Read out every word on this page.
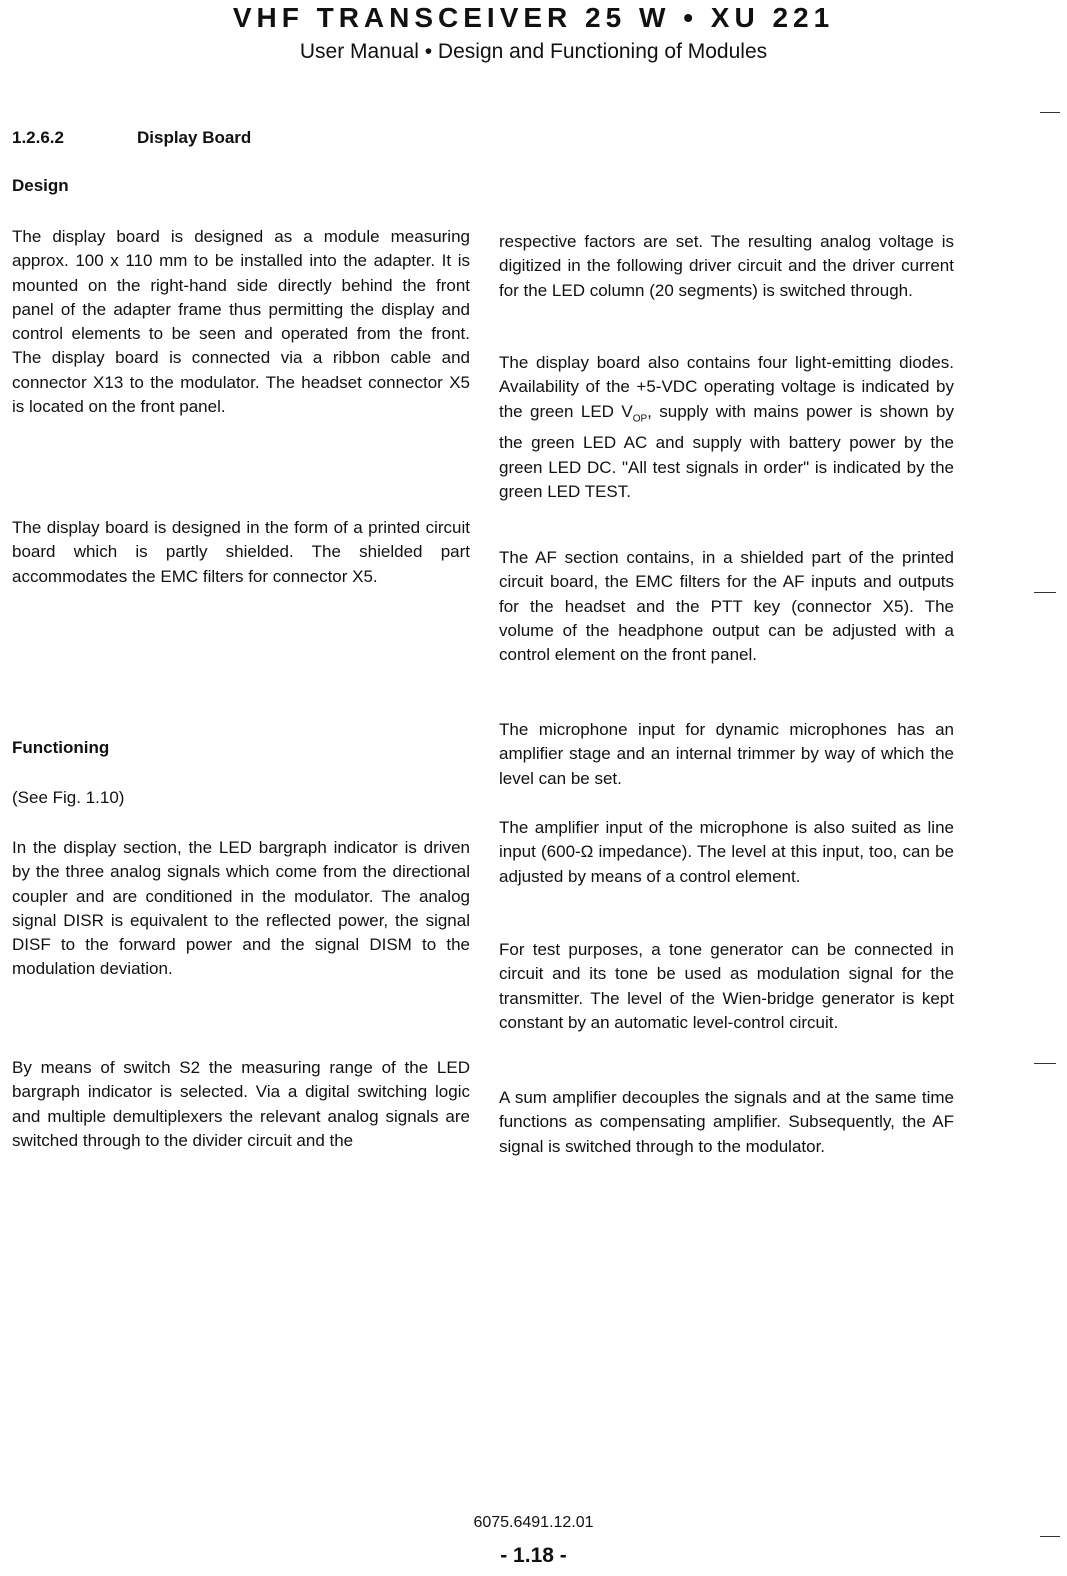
VHF TRANSCEIVER 25 W • XU 221

User Manual • Design and Functioning of Modules

1.2.6.2	Display Board
Design

The display board is designed as a module measuring approx. 100 x 110 mm to be installed into the adapter. It is mounted on the right-hand side directly behind the front panel of the adapter frame thus permitting the display and control elements to be seen and operated from the front. The display board is connected via a ribbon cable and connector X13 to the modulator. The headset connector X5 is located on the front panel.

The display board is designed in the form of a printed circuit board which is partly shielded. The shielded part accommodates the EMC filters for connector X5.

Functioning
(See Fig. 1.10)

In the display section, the LED bargraph indicator is driven by the three analog signals which come from the directional coupler and are conditioned in the modulator. The analog signal DISR is equivalent to the reflected power, the signal DISF to the forward power and the signal DISM to the modulation deviation.

By means of switch S2 the measuring range of the LED bargraph indicator is selected. Via a digital switching logic and multiple demultiplexers the relevant analog signals are switched through to the divider circuit and the

respective factors are set. The resulting analog voltage is digitized in the following driver circuit and the driver current for the LED column (20 segments) is switched through.

The display board also contains four light-emitting diodes. Availability of the +5-VDC operating voltage is indicated by the green LED $V_{OP}$, supply with mains power is shown by the green LED AC and supply with battery power by the green LED DC. "All test signals in order" is indicated by the green LED TEST.

The AF section contains, in a shielded part of the printed circuit board, the EMC filters for the AF inputs and outputs for the headset and the PTT key (connector X5). The volume of the headphone output can be adjusted with a control element on the front panel.

The microphone input for dynamic microphones has an amplifier stage and an internal trimmer by way of which the level can be set.

The amplifier input of the microphone is also suited as line input (600-Ω impedance). The level at this input, too, can be adjusted by means of a control element.

For test purposes, a tone generator can be connected in circuit and its tone be used as modulation signal for the transmitter. The level of the Wien-bridge generator is kept constant by an automatic level-control circuit.

A sum amplifier decouples the signals and at the same time functions as compensating amplifier. Subsequently, the AF signal is switched through to the modulator.

6075.6491.12.01
- 1.18 -
